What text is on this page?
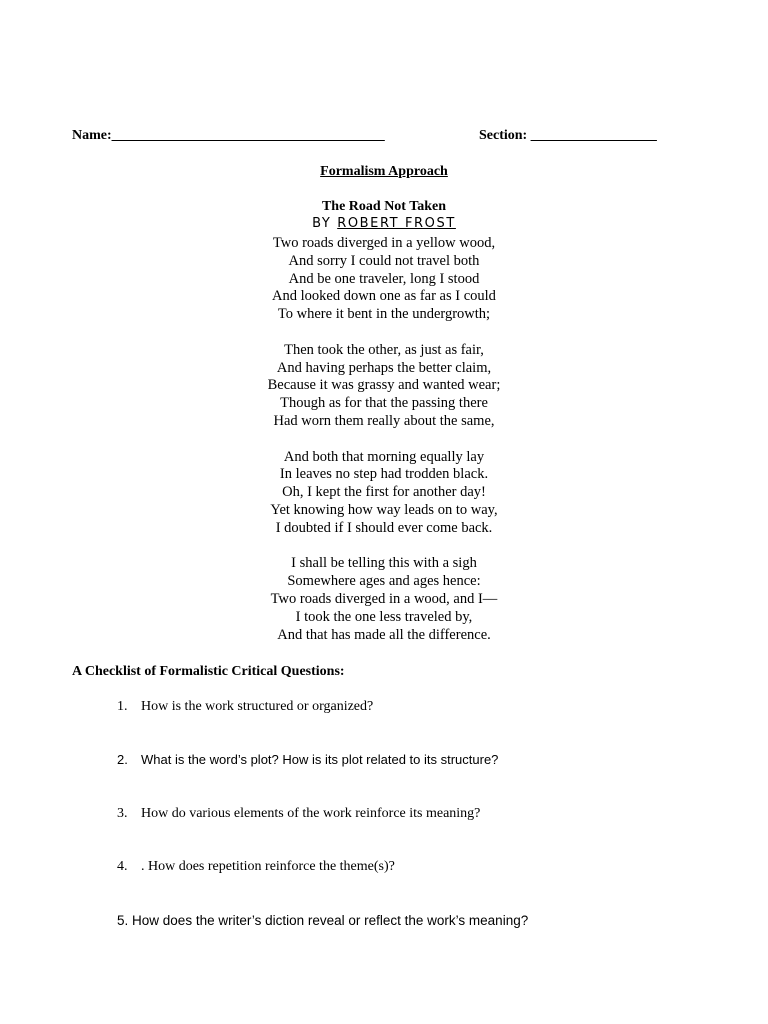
Name:_______________________________________	Section: __________________
Formalism Approach
The Road Not Taken
BY ROBERT FROST
Two roads diverged in a yellow wood,
And sorry I could not travel both
And be one traveler, long I stood
And looked down one as far as I could
To where it bent in the undergrowth;
Then took the other, as just as fair,
And having perhaps the better claim,
Because it was grassy and wanted wear;
Though as for that the passing there
Had worn them really about the same,
And both that morning equally lay
In leaves no step had trodden black.
Oh, I kept the first for another day!
Yet knowing how way leads on to way,
I doubted if I should ever come back.
I shall be telling this with a sigh
Somewhere ages and ages hence:
Two roads diverged in a wood, and I—
I took the one less traveled by,
And that has made all the difference.
A Checklist of Formalistic Critical Questions:
1. How is the work structured or organized?
2. What is the word’s plot? How is its plot related to its structure?
3. How do various elements of the work reinforce its meaning?
4. . How does repetition reinforce the theme(s)?
5. How does the writer’s diction reveal or reflect the work’s meaning?
